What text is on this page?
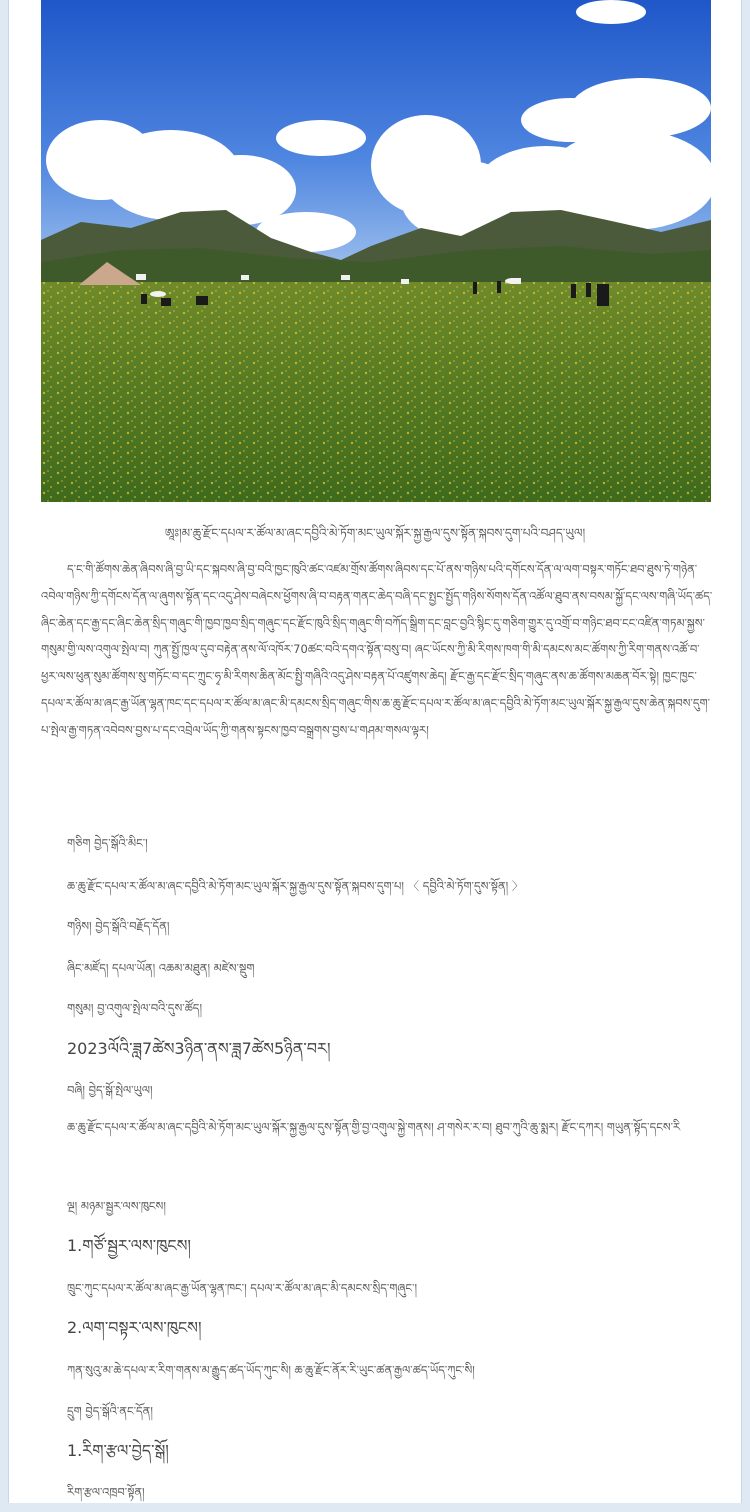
ཨཱཿ།མ་ཆུ་རྫོང་དཔལ་ར་ཚོལ་མ་ཞང་དབྱིའི་མེ་ཏོག་མང་ཡུལ་སྐོར་སྐྱ་རྒྱལ་དུས་སྟོན་སྐབས་དུག་པའི་བཤད་ཡུལ།

ད་ང་གི་ཚོགས་ཆེན་ཞིབས་ཞི་བྱ་ཡི་དང་སྐབས་ཞི་བྱ་བའི་ཁྱང་ཁུའི་ཚང་འཛམ་གྲོས་ཚོགས་ཞིབས་དང་པོ་ནས་གཉིས་པའི་དགོངས་དོན་ལ་ལག་བསྟར་གཏོང་ཐབ་ཐུས་ཏེ་གཉེན་འབེལ་གཉིས་ཀྱི་དགོངས་དོན་ལ་ཞུགས་སྟོན་དང་འདུ་ཤེས་བཞེངས་ཕྱོགས་ཞི་བ་བརྟན་གནང་ཆེད་བཞི་དང་སྤྱང་སྤྱོད་གཉིས་སོགས་དོན་འཚོལ་ཐུབ་ནས་བསམ་སྐྱོ་དང་ལས་གཞི་ཡོད་ཚད་ཞིང་ཆེན་དང་རྒྱ་དང་ཞིང་ཆེན་སྲིད་གཞུང་གི་ཁྱབ་ཁྱབ་སྲིད་གཞུང་དང་རྫོང་ཁུའི་སྲིད་གཞུང་གི་བཀོད་སྒྲིག་དང་བླང་བྱའི་སྙིང་དུ་གཅིག་གྱུར་དུ་འགྲོ་བ་གཉིང་ཐབ་ངང་འཛིན་གཏམ་སྐྱས་གསུམ་གྱི་ལས་འགུལ་སྤེལ་བ། ཀུན་སྤྱོ་ཁྱལ་དུབ་བརྟེན་ནས་ལོ་འཁོར་70ཚང་བའི་དགའ་སྟོན་བསུ་བ། ཞང་ཡོངས་ཀྱི་མི་རིགས་ཁག་གི་མི་དམངས་མང་ཚོགས་ཀྱི་རིག་གནས་འཚོ་བ་ཕྱར་ལས་ཕུན་སུམ་ཚོགས་སུ་གཏོང་བ་དང་ཀྲུང་ཧྭ་མི་རིགས་ཆིན་མོང་སྤྱི་གཞིའི་འདུ་ཤེས་བརྟན་པོ་འཛུགས་ཆེད། རྫོང་རྒྱ་དང་རྫོང་སྲིད་གཞུང་ནས་ཆ་ཚོགས་མཆན་བོར་སྟེ། ཁྱང་ཁྱང་དཔལ་ར་ཚོལ་མ་ཞང་རྒྱ་ཡོན་ལྷན་ཁང་དང་དཔལ་ར་ཚོལ་མ་ཞང་མི་དམངས་སྲིད་གཞུང་གིས་ཆ་ཆུ་རྫོང་དཔལ་ར་ཚོལ་མ་ཞང་དབྱིའི་མེ་ཏོག་མང་ཡུལ་སྐོར་སྐྱ་རྒྱལ་དུས་ཆེན་སྐབས་དུག་པ་སྤེལ་རྒྱ་གཏན་འབེབས་བྱས་པ་དང་འབྲེལ་ཡོད་ཀྱི་གནས་སྟངས་ཁྱབ་བསྒྲགས་བྱས་པ་གཤམ་གསལ་ལྟར།

གཅིག བྱེད་སྒོའི་མིང་།
ཆ་ཆུ་རྫོང་དཔལ་ར་ཚོལ་མ་ཞང་དབྱིའི་མེ་ཏོག་མང་ཡུལ་སྐོར་སྐྱ་རྒྱལ་དུས་སྟོན་སྐབས་དུག་པ། 〈 དབྱིའི་མེ་ཏོག་དུས་སྟོན། 〉
གཉིས། བྱེད་སྒོའི་བརྗོད་དོན།
ཞིང་མཛོད། དཔལ་ཡོན། འཆམ་མཐུན། མཛེས་སྡུག
གསུམ། བྱ་འགུལ་སྤེལ་བའི་དུས་ཚོད།
2023ལོའི་ཟླ7ཚེས3ཉིན་ནས་ཟླ7ཚེས5ཉིན་བར།
བཞི། བྱེད་སྒོ་སྤེལ་ཡུལ།
ཆ་ཆུ་རྫོང་དཔལ་ར་ཚོལ་མ་ཞང་དབྱིའི་མེ་ཏོག་མང་ཡུལ་སྐོར་སྐྱ་རྒྱལ་དུས་སྟོན་གྱི་བྱ་འགུལ་སྐྱེ་གནས། ཤ་གསེར་ར་བ། ཐུབ་ཀུའི་ཆུ་སྨར། རྫོང་དཀར། གཡུན་སྟོད་དངས་རི
ལྔ། མཉམ་སྦྱར་ལས་ཁུངས།
1.གཙོ་སྦྱར་ལས་ཁུངས།
ཁྲུང་ཀུང་དཔལ་ར་ཚོལ་མ་ཞང་རྒྱ་ཡོན་ལྷན་ཁང་། དཔལ་ར་ཚོལ་མ་ཞང་མི་དམངས་སྲིད་གཞུང་།
2.ལག་བསྟར་ལས་ཁུངས།
ཀན་སུའུ་མ་ཆེ་དཔལ་ར་རིག་གནས་མ་རྒྱུད་ཚད་ཡོད་ཀུང་སི། ཆ་ཆུ་རྫོང་ནོར་རི་ཡུང་ཚན་རྒྱལ་ཚད་ཡོད་ཀུང་སི།
དྲུག བྱེད་སྒོའི་ནང་དོན།
1.རིག་རྩལ་བྱེད་སྒོ།
རིག་རྩལ་འཁྲབ་སྟོན།
